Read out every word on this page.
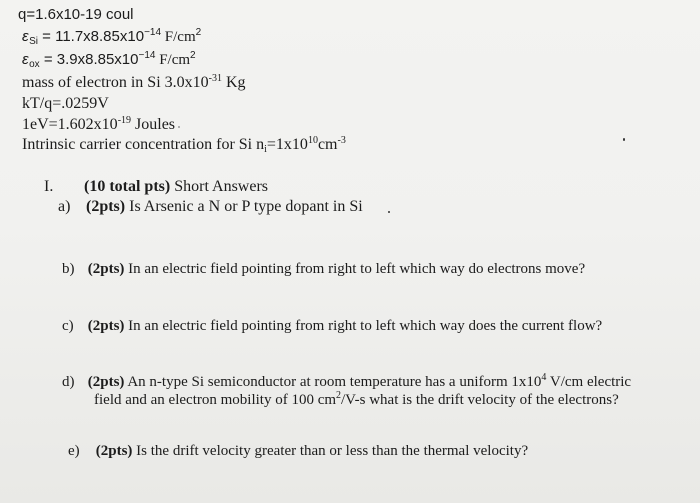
q=1.6x10-19 coul
$\varepsilon_{Si} = 11.7x8.85x10^{-14}$ $F/cm^2$
$\varepsilon_{ox} = 3.9x8.85x10^{-14}$ $F/cm^2$
mass of electron in Si $3.0x10^{-31}$ Kg
kT/q=.0259V
$1eV=1.602x10^{-19}$ Joules
Intrinsic carrier concentration for Si $n_i=1x10^{10}cm^{-3}$
I. (10 total pts) Short Answers
a) (2pts) Is Arsenic a N or P type dopant in Si
b) (2pts) In an electric field pointing from right to left which way do electrons move?
c) (2pts) In an electric field pointing from right to left which way does the current flow?
d) (2pts) An n-type Si semiconductor at room temperature has a uniform $1x10^4$ V/cm electric
field and an electron mobility of 100 $cm^2/V-s$ what is the drift velocity of the electrons?
e) (2pts) Is the drift velocity greater than or less than the thermal velocity?
